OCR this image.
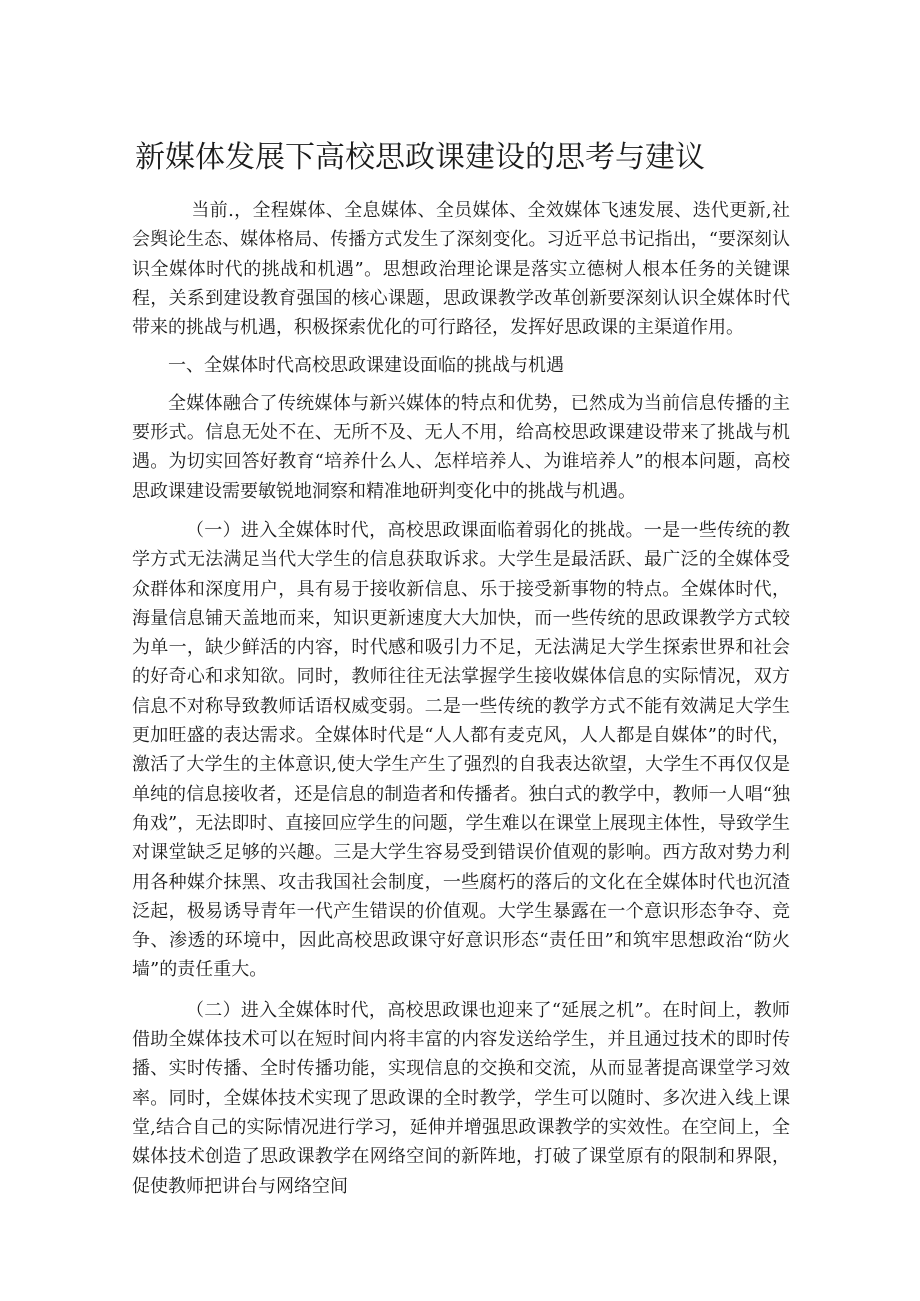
新媒体发展下高校思政课建设的思考与建议

当前.，全程媒体、全息媒体、全员媒体、全效媒体飞速发展、迭代更新,社会舆论生态、媒体格局、传播方式发生了深刻变化。习近平总书记指出，“要深刻认识全媒体时代的挑战和机遇”。思想政治理论课是落实立德树人根本任务的关键课程，关系到建设教育强国的核心课题，思政课教学改革创新要深刻认识全媒体时代带来的挑战与机遇，积极探索优化的可行路径，发挥好思政课的主渠道作用。

一、全媒体时代高校思政课建设面临的挑战与机遇

全媒体融合了传统媒体与新兴媒体的特点和优势，已然成为当前信息传播的主要形式。信息无处不在、无所不及、无人不用，给高校思政课建设带来了挑战与机遇。为切实回答好教育“培养什么人、怎样培养人、为谁培养人”的根本问题，高校思政课建设需要敏锐地洞察和精准地研判变化中的挑战与机遇。

（一）进入全媒体时代，高校思政课面临着弱化的挑战。一是一些传统的教学方式无法满足当代大学生的信息获取诉求。大学生是最活跃、最广泛的全媒体受众群体和深度用户，具有易于接收新信息、乐于接受新事物的特点。全媒体时代，海量信息铺天盖地而来，知识更新速度大大加快，而一些传统的思政课教学方式较为单一，缺少鲜活的内容，时代感和吸引力不足，无法满足大学生探索世界和社会的好奇心和求知欲。同时，教师往往无法掌握学生接收媒体信息的实际情况，双方信息不对称导致教师话语权威变弱。二是一些传统的教学方式不能有效满足大学生更加旺盛的表达需求。全媒体时代是“人人都有麦克风，人人都是自媒体”的时代，激活了大学生的主体意识,使大学生产生了强烈的自我表达欲望，大学生不再仅仅是单纯的信息接收者，还是信息的制造者和传播者。独白式的教学中，教师一人唱“独角戏”，无法即时、直接回应学生的问题，学生难以在课堂上展现主体性，导致学生对课堂缺乏足够的兴趣。三是大学生容易受到错误价值观的影响。西方敌对势力利用各种媒介抹黑、攻击我国社会制度，一些腐朽的落后的文化在全媒体时代也沉渣泛起，极易诱导青年一代产生错误的价值观。大学生暴露在一个意识形态争夺、竞争、渗透的环境中，因此高校思政课守好意识形态“责任田”和筑牢思想政治“防火墙”的责任重大。

（二）进入全媒体时代，高校思政课也迎来了“延展之机”。在时间上，教师借助全媒体技术可以在短时间内将丰富的内容发送给学生，并且通过技术的即时传播、实时传播、全时传播功能，实现信息的交换和交流，从而显著提高课堂学习效率。同时，全媒体技术实现了思政课的全时教学，学生可以随时、多次进入线上课堂,结合自己的实际情况进行学习，延伸并增强思政课教学的实效性。在空间上，全媒体技术创造了思政课教学在网络空间的新阵地，打破了课堂原有的限制和界限，促使教师把讲台与网络空间
